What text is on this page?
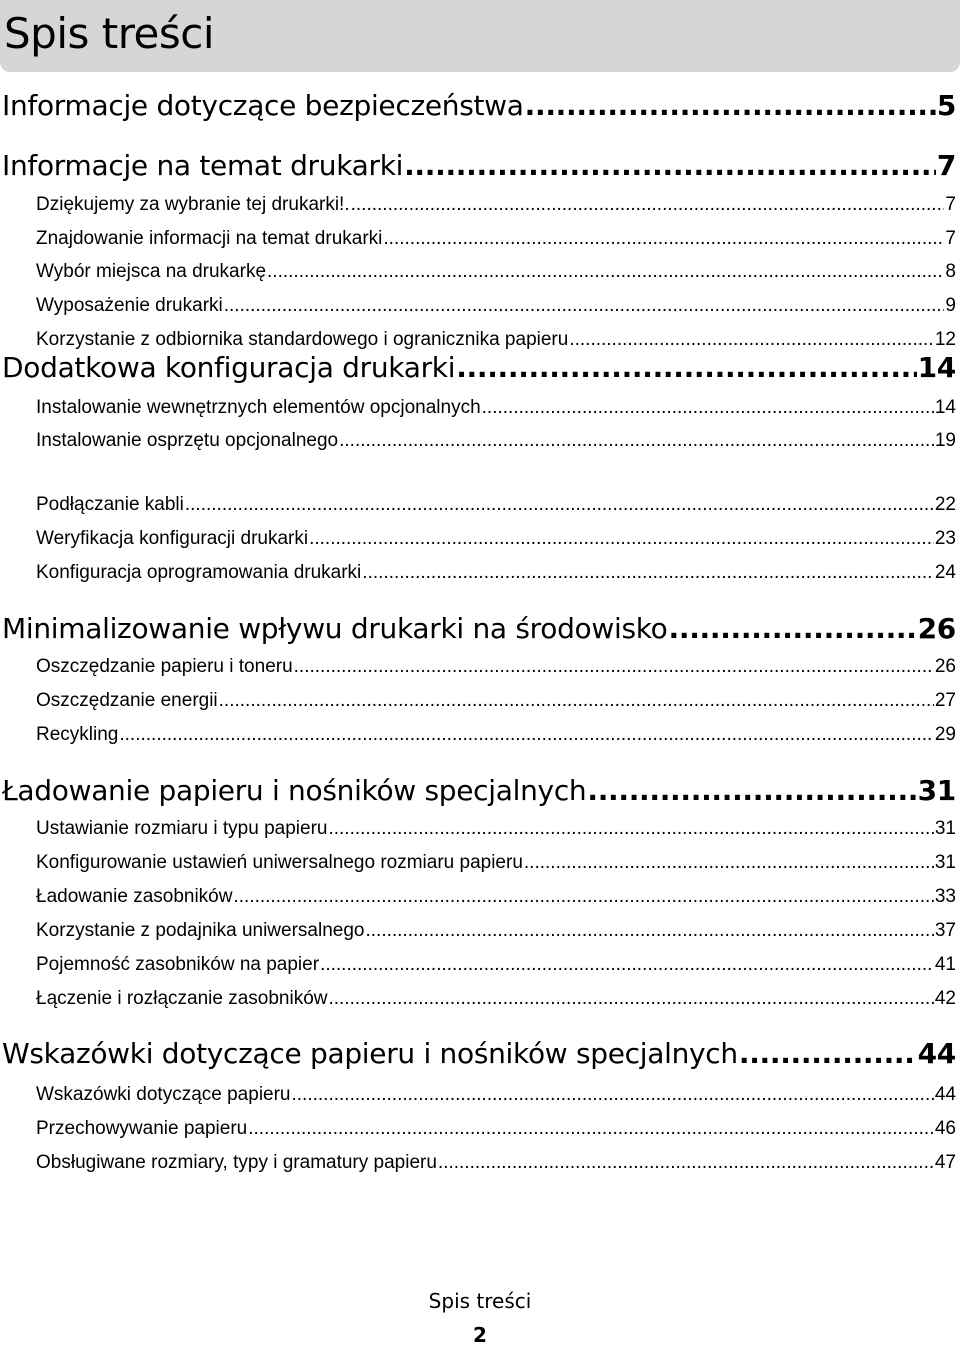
Spis treści
Informacje dotyczące bezpieczeństwa .....	5
Informacje na temat drukarki .....	7
Dziękujemy za wybranie tej drukarki!. .....	7
Znajdowanie informacji na temat drukarki .....	7
Wybór miejsca na drukarkę .....	8
Wyposażenie drukarki .....	9
Korzystanie z odbiornika standardowego i ogranicznika papieru .....	12
Dodatkowa konfiguracja drukarki .....	14
Instalowanie wewnętrznych elementów opcjonalnych .....	14
Instalowanie osprzętu opcjonalnego .....	19
Podłączanie kabli .....	22
Weryfikacja konfiguracji drukarki .....	23
Konfiguracja oprogramowania drukarki .....	24
Minimalizowanie wpływu drukarki na środowisko .....	26
Oszczędzanie papieru i toneru .....	26
Oszczędzanie energii .....	27
Recykling .....	29
Ładowanie papieru i nośników specjalnych .....	31
Ustawianie rozmiaru i typu papieru .....	31
Konfigurowanie ustawień uniwersalnego rozmiaru papieru .....	31
Ładowanie zasobników .....	33
Korzystanie z podajnika uniwersalnego .....	37
Pojemność zasobników na papier .....	41
Łączenie i rozłączanie zasobników .....	42
Wskazówki dotyczące papieru i nośników specjalnych .....	44
Wskazówki dotyczące papieru .....	44
Przechowywanie papieru .....	46
Obsługiwane rozmiary, typy i gramatury papieru .....	47
Spis treści
2
